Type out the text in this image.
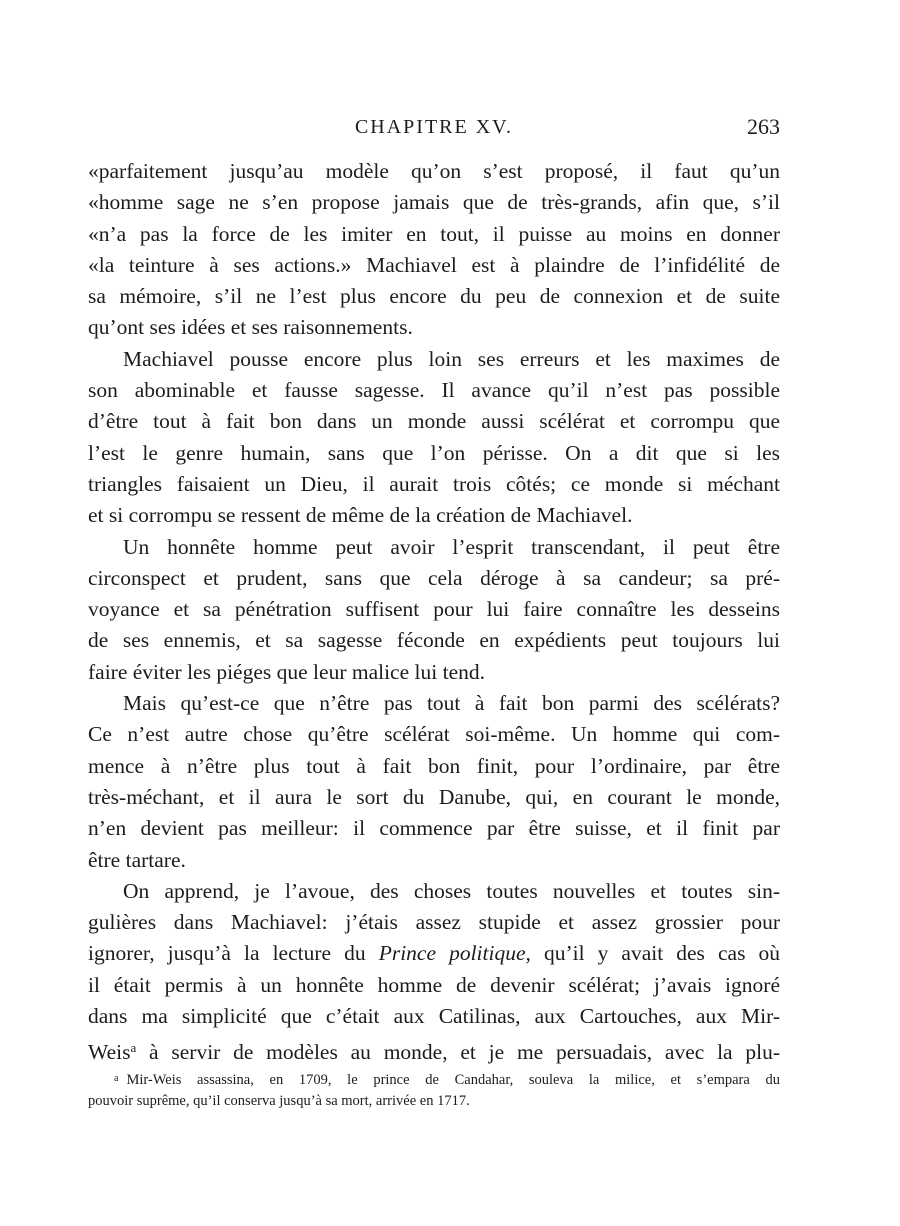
CHAPITRE XV.	263
«parfaitement jusqu’au modèle qu’on s’est proposé, il faut qu’un
«homme sage ne s’en propose jamais que de très-grands, afin que, s’il
«n’a pas la force de les imiter en tout, il puisse au moins en donner
«la teinture à ses actions.» Machiavel est à plaindre de l’infidélité de
sa mémoire, s’il ne l’est plus encore du peu de connexion et de suite
qu’ont ses idées et ses raisonnements.
Machiavel pousse encore plus loin ses erreurs et les maximes de
son abominable et fausse sagesse. Il avance qu’il n’est pas possible
d’être tout à fait bon dans un monde aussi scélérat et corrompu que
l’est le genre humain, sans que l’on périsse. On a dit que si les
triangles faisaient un Dieu, il aurait trois côtés; ce monde si méchant
et si corrompu se ressent de même de la création de Machiavel.
Un honnête homme peut avoir l’esprit transcendant, il peut être
circonspect et prudent, sans que cela déroge à sa candeur; sa pré-
voyance et sa pénétration suffisent pour lui faire connaître les desseins
de ses ennemis, et sa sagesse féconde en expédients peut toujours lui
faire éviter les piéges que leur malice lui tend.
Mais qu’est-ce que n’être pas tout à fait bon parmi des scélérats?
Ce n’est autre chose qu’être scélérat soi-même. Un homme qui com-
mence à n’être plus tout à fait bon finit, pour l’ordinaire, par être
très-méchant, et il aura le sort du Danube, qui, en courant le monde,
n’en devient pas meilleur: il commence par être suisse, et il finit par
être tartare.
On apprend, je l’avoue, des choses toutes nouvelles et toutes sin-
gulières dans Machiavel: j’étais assez stupide et assez grossier pour
ignorer, jusqu’à la lecture du Prince politique, qu’il y avait des cas où
il était permis à un honnête homme de devenir scélérat; j’avais ignoré
dans ma simplicité que c’était aux Catilinas, aux Cartouches, aux Mir-
Weis$^a$ à servir de modèles au monde, et je me persuadais, avec la plu-
$^a$ Mir-Weis assassina, en 1709, le prince de Candahar, souleva la milice, et s’empara du
pouvoir suprême, qu’il conserva jusqu’à sa mort, arrivée en 1717.
